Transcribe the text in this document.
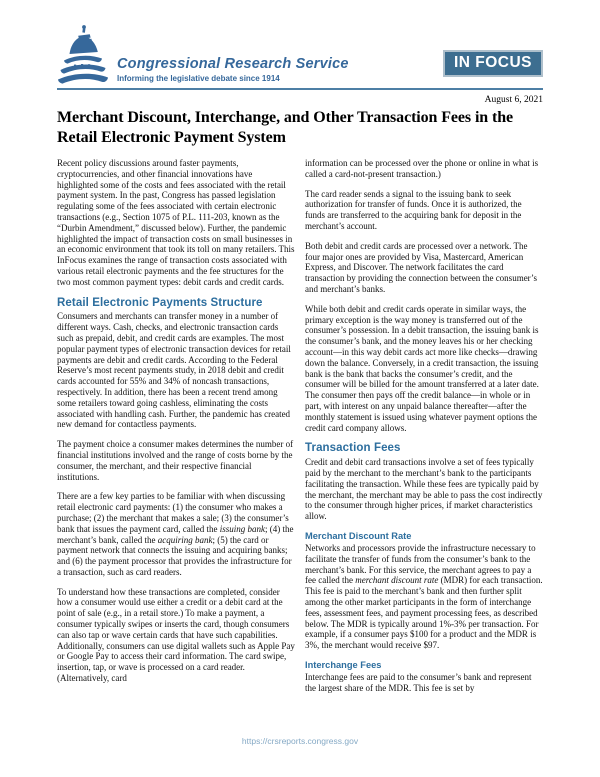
Congressional Research Service
Informing the legislative debate since 1914
IN FOCUS
August 6, 2021
Merchant Discount, Interchange, and Other Transaction Fees in the Retail Electronic Payment System

Recent policy discussions around faster payments, cryptocurrencies, and other financial innovations have highlighted some of the costs and fees associated with the retail payment system. In the past, Congress has passed legislation regulating some of the fees associated with certain electronic transactions (e.g., Section 1075 of P.L. 111-203, known as the “Durbin Amendment,” discussed below). Further, the pandemic highlighted the impact of transaction costs on small businesses in an economic environment that took its toll on many retailers. This InFocus examines the range of transaction costs associated with various retail electronic payments and the fee structures for the two most common payment types: debit cards and credit cards.

Retail Electronic Payments Structure

Consumers and merchants can transfer money in a number of different ways. Cash, checks, and electronic transaction cards such as prepaid, debit, and credit cards are examples. The most popular payment types of electronic transaction devices for retail payments are debit and credit cards. According to the Federal Reserve’s most recent payments study, in 2018 debit and credit cards accounted for 55% and 34% of noncash transactions, respectively. In addition, there has been a recent trend among some retailers toward going cashless, eliminating the costs associated with handling cash. Further, the pandemic has created new demand for contactless payments.

The payment choice a consumer makes determines the number of financial institutions involved and the range of costs borne by the consumer, the merchant, and their respective financial institutions.

There are a few key parties to be familiar with when discussing retail electronic card payments: (1) the consumer who makes a purchase; (2) the merchant that makes a sale; (3) the consumer’s bank that issues the payment card, called the issuing bank; (4) the merchant’s bank, called the acquiring bank; (5) the card or payment network that connects the issuing and acquiring banks; and (6) the payment processor that provides the infrastructure for a transaction, such as card readers.

To understand how these transactions are completed, consider how a consumer would use either a credit or a debit card at the point of sale (e.g., in a retail store.) To make a payment, a consumer typically swipes or inserts the card, though consumers can also tap or wave certain cards that have such capabilities. Additionally, consumers can use digital wallets such as Apple Pay or Google Pay to access their card information. The card swipe, insertion, tap, or wave is processed on a card reader. (Alternatively, card

information can be processed over the phone or online in what is called a card-not-present transaction.)

The card reader sends a signal to the issuing bank to seek authorization for transfer of funds. Once it is authorized, the funds are transferred to the acquiring bank for deposit in the merchant’s account.

Both debit and credit cards are processed over a network. The four major ones are provided by Visa, Mastercard, American Express, and Discover. The network facilitates the card transaction by providing the connection between the consumer’s and merchant’s banks.

While both debit and credit cards operate in similar ways, the primary exception is the way money is transferred out of the consumer’s possession. In a debit transaction, the issuing bank is the consumer’s bank, and the money leaves his or her checking account—in this way debit cards act more like checks—drawing down the balance. Conversely, in a credit transaction, the issuing bank is the bank that backs the consumer’s credit, and the consumer will be billed for the amount transferred at a later date. The consumer then pays off the credit balance—in whole or in part, with interest on any unpaid balance thereafter—after the monthly statement is issued using whatever payment options the credit card company allows.

Transaction Fees

Credit and debit card transactions involve a set of fees typically paid by the merchant to the merchant’s bank to the participants facilitating the transaction. While these fees are typically paid by the merchant, the merchant may be able to pass the cost indirectly to the consumer through higher prices, if market characteristics allow.

Merchant Discount Rate

Networks and processors provide the infrastructure necessary to facilitate the transfer of funds from the consumer’s bank to the merchant’s bank. For this service, the merchant agrees to pay a fee called the merchant discount rate (MDR) for each transaction. This fee is paid to the merchant’s bank and then further split among the other market participants in the form of interchange fees, assessment fees, and payment processing fees, as described below. The MDR is typically around 1%-3% per transaction. For example, if a consumer pays $100 for a product and the MDR is 3%, the merchant would receive $97.

Interchange Fees

Interchange fees are paid to the consumer’s bank and represent the largest share of the MDR. This fee is set by

https://crsreports.congress.gov
